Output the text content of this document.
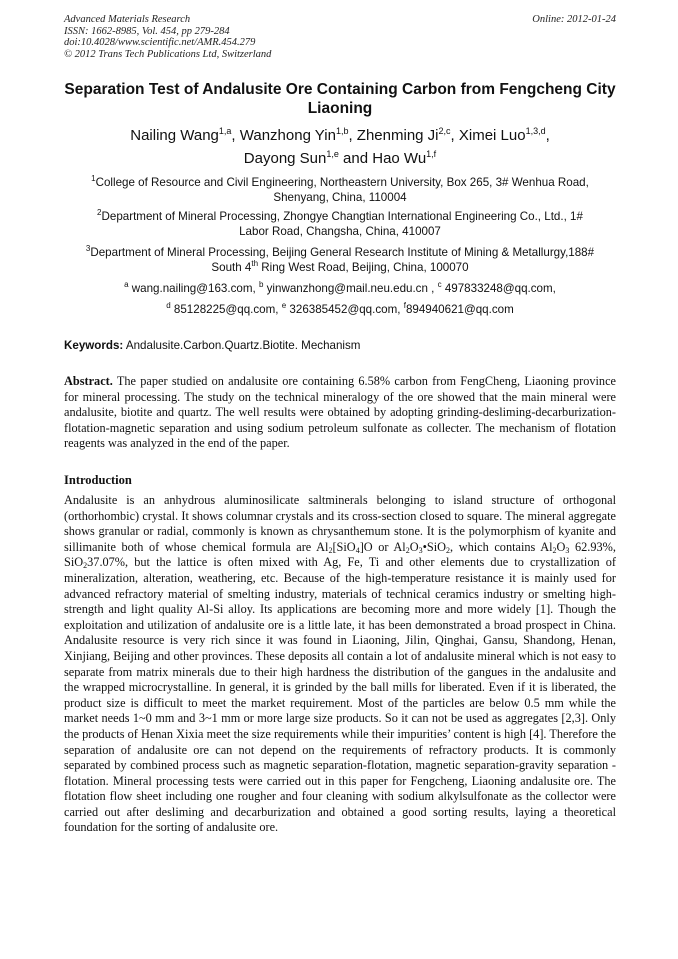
Advanced Materials Research
ISSN: 1662-8985, Vol. 454, pp 279-284
doi:10.4028/www.scientific.net/AMR.454.279
© 2012 Trans Tech Publications Ltd, Switzerland
Online: 2012-01-24
Separation Test of Andalusite Ore Containing Carbon from Fengcheng City Liaoning
Nailing Wang$^{1,a}$, Wanzhong Yin$^{1,b}$, Zhenming Ji$^{2,c}$, Ximei Luo$^{1,3,d}$,
Dayong Sun$^{1,e}$ and Hao Wu$^{1,f}$
$^1$College of Resource and Civil Engineering, Northeastern University, Box 265, 3# Wenhua Road,
Shenyang, China, 110004
$^2$Department of Mineral Processing, Zhongye Changtian International Engineering Co., Ltd., 1#
Labor Road, Changsha, China, 410007
$^3$Department of Mineral Processing, Beijing General Research Institute of Mining & Metallurgy,188#
South 4th Ring West Road, Beijing, China, 100070
$^a$ wang.nailing@163.com, $^b$ yinwanzhong@mail.neu.edu.cn , $^c$ 497833248@qq.com,
$^d$ 85128225@qq.com, $^e$ 326385452@qq.com, $^f$894940621@qq.com
Keywords: Andalusite.Carbon.Quartz.Biotite. Mechanism
Abstract. The paper studied on andalusite ore containing 6.58% carbon from FengCheng, Liaoning province for mineral processing. The study on the technical mineralogy of the ore showed that the main mineral were andalusite, biotite and quartz. The well results were obtained by adopting grinding-desliming-decarburization-flotation-magnetic separation and using sodium petroleum sulfonate as collecter. The mechanism of flotation reagents was analyzed in the end of the paper.
Introduction
Andalusite is an anhydrous aluminosilicate saltminerals belonging to island structure of orthogonal (orthorhombic) crystal. It shows columnar crystals and its cross-section closed to square. The mineral aggregate shows granular or radial, commonly is known as chrysanthemum stone. It is the polymorphism of kyanite and sillimanite both of whose chemical formula are $Al_2[SiO_4]O$ or $Al_2O_3•SiO_2$, which contains $Al_2O_3$ 62.93%, SiO$_2$37.07%, but the lattice is often mixed with Ag, Fe, Ti and other elements due to crystallization of mineralization, alteration, weathering, etc. Because of the high-temperature resistance it is mainly used for advanced refractory material of smelting industry, materials of technical ceramics industry or smelting high-strength and light quality Al-Si alloy. Its applications are becoming more and more widely [1]. Though the exploitation and utilization of andalusite ore is a little late, it has been demonstrated a broad prospect in China. Andalusite resource is very rich since it was found in Liaoning, Jilin, Qinghai, Gansu, Shandong, Henan, Xinjiang, Beijing and other provinces. These deposits all contain a lot of andalusite mineral which is not easy to separate from matrix minerals due to their high hardness the distribution of the gangues in the andalusite and the wrapped microcrystalline. In general, it is grinded by the ball mills for liberated. Even if it is liberated, the product size is difficult to meet the market requirement. Most of the particles are below 0.5 mm while the market needs 1~0 mm and 3~1 mm or more large size products. So it can not be used as aggregates [2,3]. Only the products of Henan Xixia meet the size requirements while their impurities’ content is high [4]. Therefore the separation of andalusite ore can not depend on the requirements of refractory products. It is commonly separated by combined process such as magnetic separation-flotation, magnetic separation-gravity separation -flotation. Mineral processing tests were carried out in this paper for Fengcheng, Liaoning andalusite ore. The flotation flow sheet including one rougher and four cleaning with sodium alkylsulfonate as the collector were carried out after desliming and decarburization and obtained a good sorting results, laying a theoretical foundation for the sorting of andalusite ore.
